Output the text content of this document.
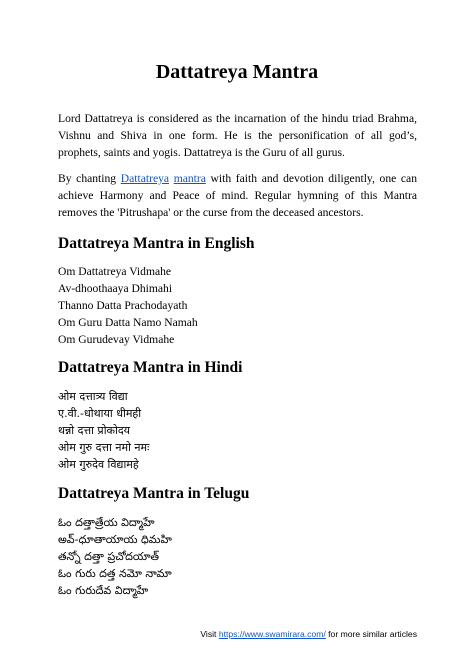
Dattatreya Mantra

Lord Dattatreya is considered as the incarnation of the hindu triad Brahma, Vishnu and Shiva in one form. He is the personification of all god’s, prophets, saints and yogis. Dattatreya is the Guru of all gurus.

By chanting Dattatreya mantra with faith and devotion diligently, one can achieve Harmony and Peace of mind. Regular hymning of this Mantra removes the 'Pitrushapa' or the curse from the deceased ancestors.

Dattatreya Mantra in English
Om Dattatreya Vidmahe
Av-dhoothaaya Dhimahi
Thanno Datta Prachodayath
Om Guru Datta Namo Namah
Om Gurudevay Vidmahe
Dattatreya Mantra in Hindi
ओम दत्तात्र्य विद्या
ए.वी.-धोथाया धीमही
थन्नो दत्ता प्रोकोदय
ओम गुरु दत्ता नमो नमः
ओम गुरुदेव विद्यामहे
Dattatreya Mantra in Telugu
ఓం దత్తాత్రేయ విద్మాహే
అవ్-ధూతాయాయ ధిమహి
తన్నో దత్తా ప్రచోదయాత్
ఓం గురు దత్త నమో నామా
ఓం గురుదేవ విద్మాహే
Visit https://www.swamirara.com/ for more similar articles
